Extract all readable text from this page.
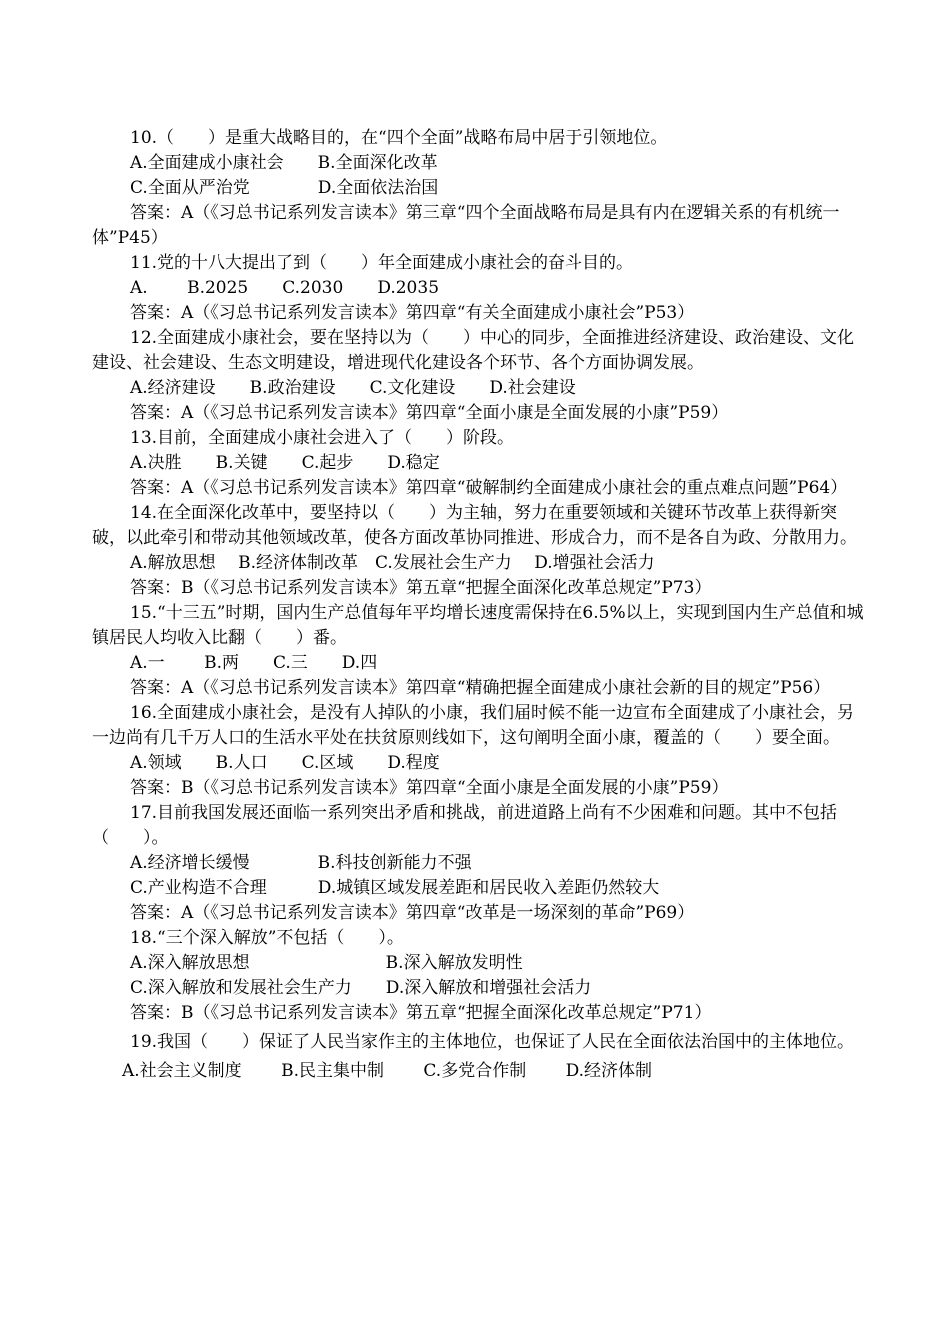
10.（　　）是重大战略目的，在“四个全面”战略布局中居于引领地位。

A.全面建成小康社会　　B.全面深化改革

C.全面从严治党　　　　D.全面依法治国

答案：A（《习总书记系列发言读本》第三章“四个全面战略布局是具有内在逻辑关系的有机统一体”P45）

11.党的十八大提出了到（　　）年全面建成小康社会的奋斗目的。

A.　　 B.2025　　C.2030　　D.2035

答案：A（《习总书记系列发言读本》第四章“有关全面建成小康社会”P53）

12.全面建成小康社会，要在坚持以为（　　）中心的同步，全面推进经济建设、政治建设、文化建设、社会建设、生态文明建设，增进现代化建设各个环节、各个方面协调发展。

A.经济建设　　B.政治建设　　C.文化建设　　D.社会建设

答案：A（《习总书记系列发言读本》第四章“全面小康是全面发展的小康”P59）

13.目前，全面建成小康社会进入了（　　）阶段。

A.决胜　　B.关键　　C.起步　　D.稳定

答案：A（《习总书记系列发言读本》第四章“破解制约全面建成小康社会的重点难点问题”P64）

14.在全面深化改革中，要坚持以（　　）为主轴，努力在重要领域和关键环节改革上获得新突破，以此牵引和带动其他领域改革，使各方面改革协同推进、形成合力，而不是各自为政、分散用力。

A.解放思想　 B.经济体制改革　C.发展社会生产力　 D.增强社会活力

答案：B（《习总书记系列发言读本》第五章“把握全面深化改革总规定”P73）

15.“十三五”时期，国内生产总值每年平均增长速度需保持在6.5%以上，实现到国内生产总值和城镇居民人均收入比翻（　　）番。

A.一　　 B.两　　C.三　　D.四

答案：A（《习总书记系列发言读本》第四章“精确把握全面建成小康社会新的目的规定”P56）

16.全面建成小康社会，是没有人掉队的小康，我们届时候不能一边宣布全面建成了小康社会，另一边尚有几千万人口的生活水平处在扶贫原则线如下，这句阐明全面小康，覆盖的（　　）要全面。

A.领域　　B.人口　　C.区域　　D.程度

答案：B（《习总书记系列发言读本》第四章“全面小康是全面发展的小康”P59）

17.目前我国发展还面临一系列突出矛盾和挑战，前进道路上尚有不少困难和问题。其中不包括（　　）。

A.经济增长缓慢　　　　B.科技创新能力不强

C.产业构造不合理　　　D.城镇区域发展差距和居民收入差距仍然较大

答案：A（《习总书记系列发言读本》第四章“改革是一场深刻的革命”P69）

18.“三个深入解放”不包括（　　）。

A.深入解放思想　　　　　　　　B.深入解放发明性

C.深入解放和发展社会生产力　　D.深入解放和增强社会活力

答案：B（《习总书记系列发言读本》第五章“把握全面深化改革总规定”P71）

19.我国（　　）保证了人民当家作主的主体地位，也保证了人民在全面依法治国中的主体地位。

A.社会主义制度　　 B.民主集中制　　 C.多党合作制　　 D.经济体制
